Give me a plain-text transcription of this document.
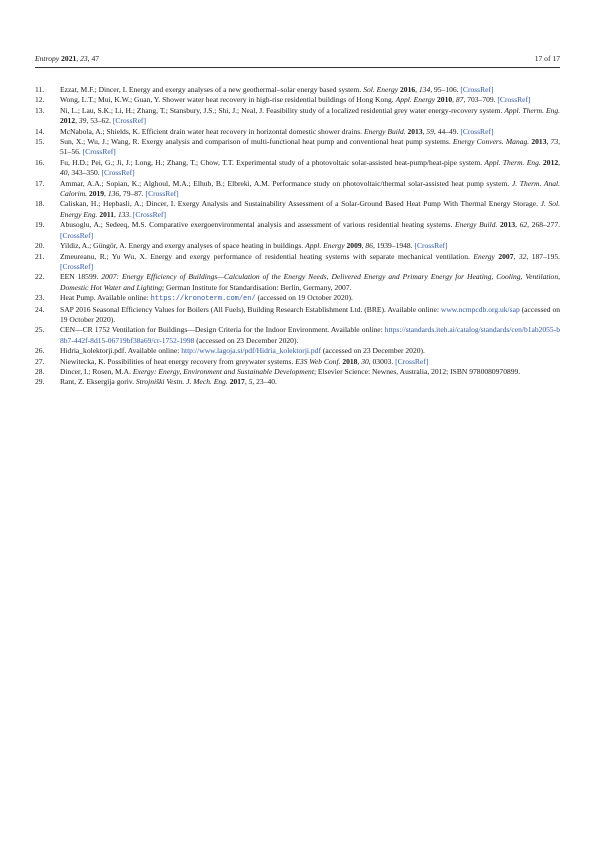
Entropy 2021, 23, 47	17 of 17
11. Ezzat, M.F.; Dincer, I. Energy and exergy analyses of a new geothermal–solar energy based system. Sol. Energy 2016, 134, 95–106. [CrossRef]
12. Wong, L.T.; Mui, K.W.; Guan, Y. Shower water heat recovery in high-rise residential buildings of Hong Kong. Appl. Energy 2010, 87, 703–709. [CrossRef]
13. Ni, L.; Lau, S.K.; Li, H.; Zhang, T.; Stansbury, J.S.; Shi, J.; Neal, J. Feasibility study of a localized residential grey water energy-recovery system. Appl. Therm. Eng. 2012, 39, 53–62. [CrossRef]
14. McNabola, A.; Shields, K. Efficient drain water heat recovery in horizontal domestic shower drains. Energy Build. 2013, 59, 44–49. [CrossRef]
15. Sun, X.; Wu, J.; Wang, R. Exergy analysis and comparison of multi-functional heat pump and conventional heat pump systems. Energy Convers. Manag. 2013, 73, 51–56. [CrossRef]
16. Fu, H.D.; Pei, G.; Ji, J.; Long, H.; Zhang, T.; Chow, T.T. Experimental study of a photovoltaic solar-assisted heat-pump/heat-pipe system. Appl. Therm. Eng. 2012, 40, 343–350. [CrossRef]
17. Ammar, A.A.; Sopian, K.; Alghoul, M.A.; Elhub, B.; Elbreki, A.M. Performance study on photovoltaic/thermal solar-assisted heat pump system. J. Therm. Anal. Calorim. 2019, 136, 79–87. [CrossRef]
18. Caliskan, H.; Hepbasli, A.; Dincer, I. Exergy Analysis and Sustainability Assessment of a Solar-Ground Based Heat Pump With Thermal Energy Storage. J. Sol. Energy Eng. 2011, 133. [CrossRef]
19. Abusoglu, A.; Sedeeq, M.S. Comparative exergoenvironmental analysis and assessment of various residential heating systems. Energy Build. 2013, 62, 268–277. [CrossRef]
20. Yildiz, A.; Güngör, A. Energy and exergy analyses of space heating in buildings. Appl. Energy 2009, 86, 1939–1948. [CrossRef]
21. Zmeureanu, R.; Yu Wu, X. Energy and exergy performance of residential heating systems with separate mechanical ventilation. Energy 2007, 32, 187–195. [CrossRef]
22. EEN 18599. 2007: Energy Efficiency of Buildings—Calculation of the Energy Needs, Delivered Energy and Primary Energy for Heating, Cooling, Ventilation, Domestic Hot Water and Lighting; German Institute for Standardisation: Berlin, Germany, 2007.
23. Heat Pump. Available online: https://kronoterm.com/en/ (accessed on 19 October 2020).
24. SAP 2016 Seasonal Efficiency Values for Boilers (All Fuels), Building Research Establishment Ltd. (BRE). Available online: www.ncmpcdb.org.uk/sap (accessed on 19 October 2020).
25. CEN—CR 1752 Ventilation for Buildings—Design Criteria for the Indoor Environment. Available online: https://standards.iteh.ai/catalog/standards/cen/b1ab2055-b8b7-442f-8d15-06719bf38a69/cr-1752-1998 (accessed on 23 December 2020).
26. Hidria_kolektorji.pdf. Available online: http://www.lagoja.si/pdf/Hidria_kolektorji.pdf (accessed on 23 December 2020).
27. Niewitecka, K. Possibilities of heat energy recovery from greywater systems. E3S Web Conf. 2018, 30, 03003. [CrossRef]
28. Dincer, I.; Rosen, M.A. Exergy: Energy, Environment and Sustainable Development; Elsevier Science: Newnes, Australia, 2012; ISBN 9780080970899.
29. Rant, Z. Eksergija goriv. Strojniški Vestn. J. Mech. Eng. 2017, 5, 23–40.
